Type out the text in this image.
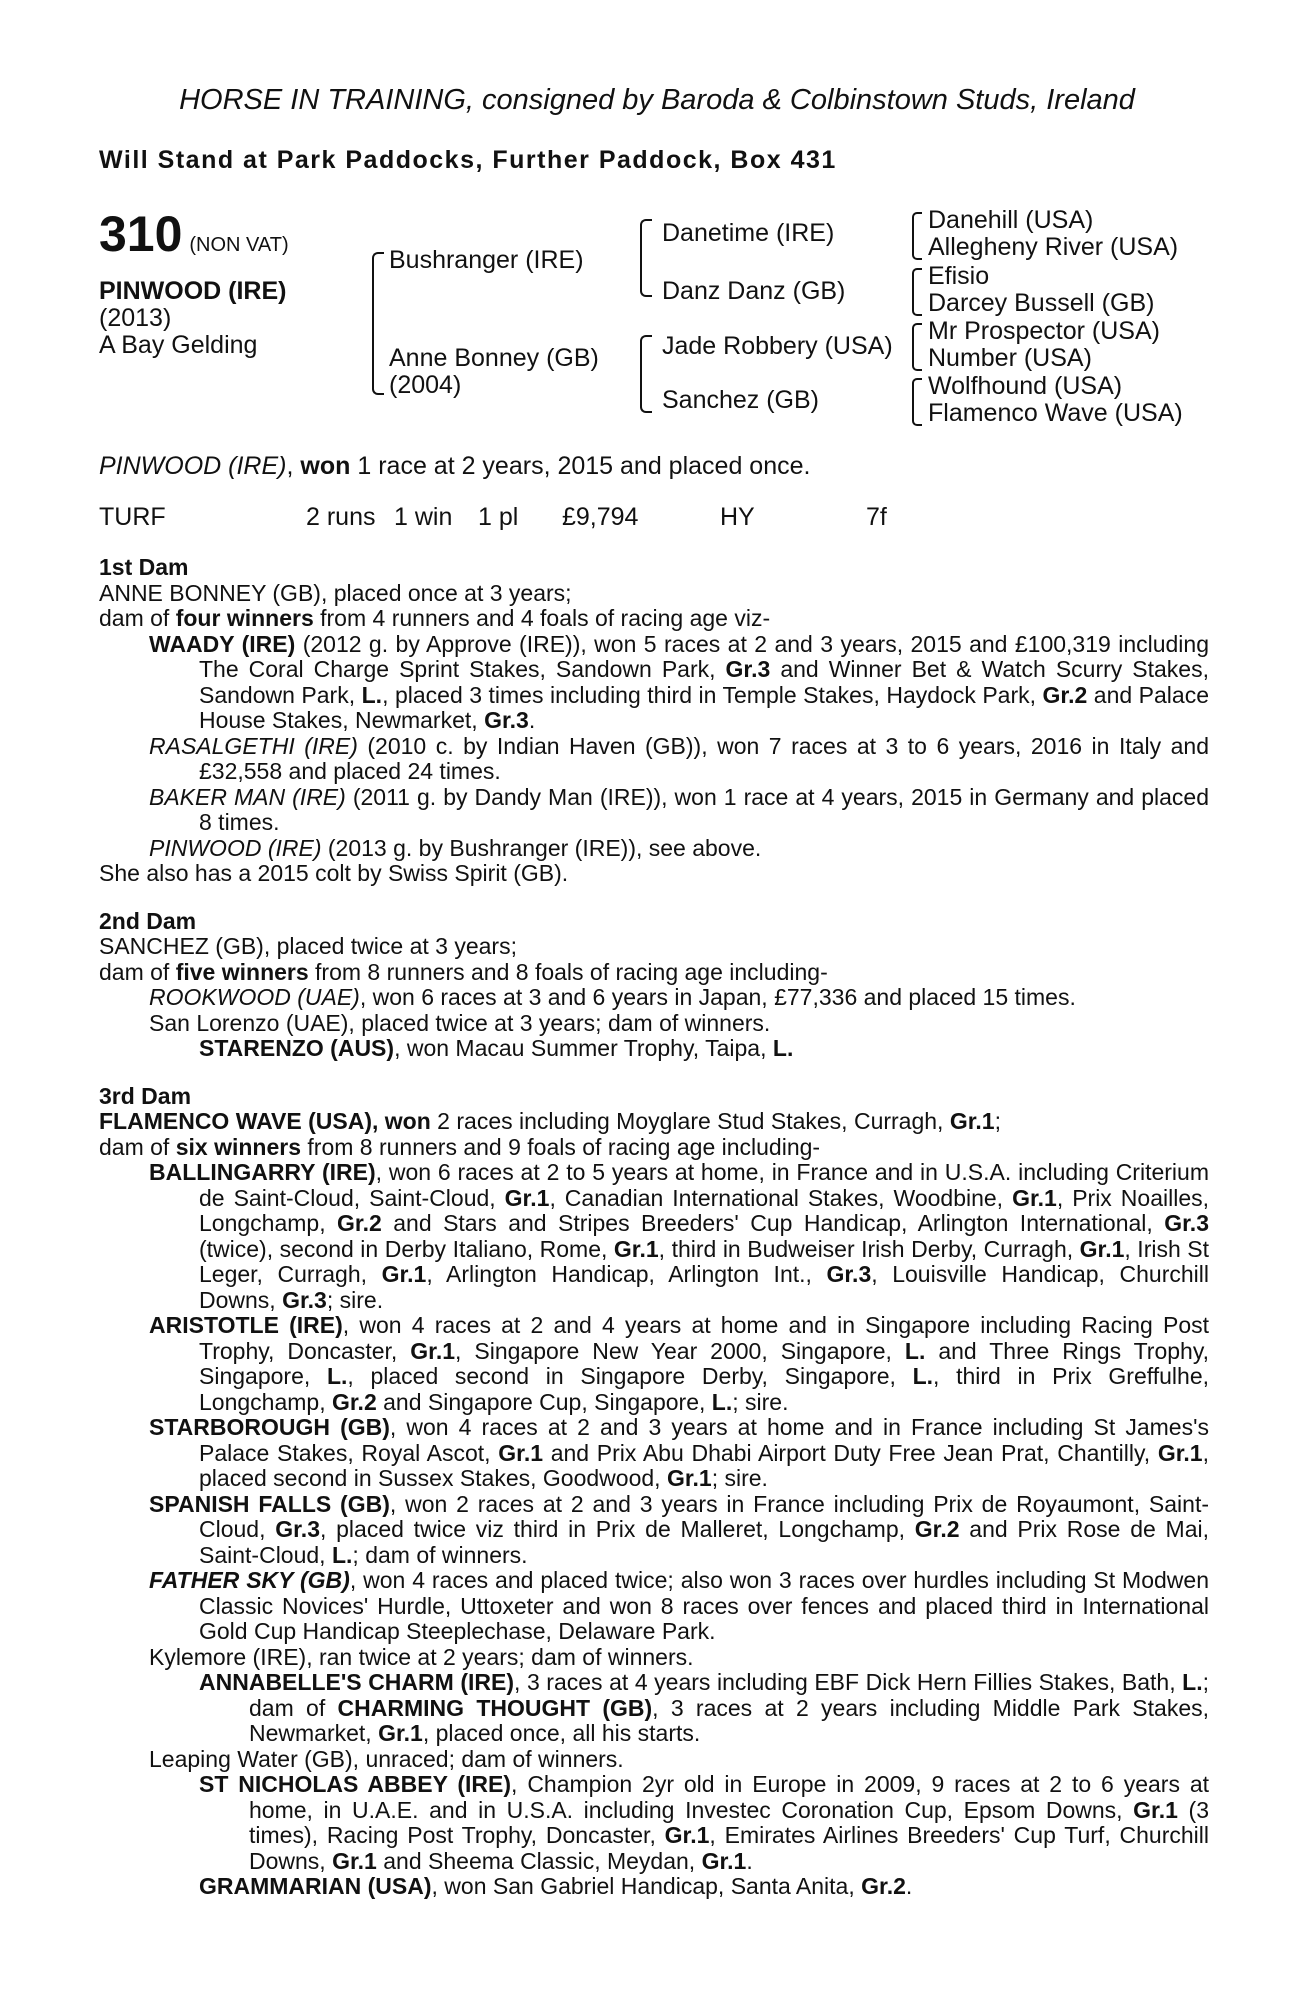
HORSE IN TRAINING, consigned by Baroda & Colbinstown Studs, Ireland
Will Stand at Park Paddocks, Further Paddock, Box 431
310 (NON VAT)
PINWOOD (IRE)
(2013)
A Bay Gelding
Bushranger (IRE)
Anne Bonney (GB)
(2004)
Danetime (IRE)
Danz Danz (GB)
Jade Robbery (USA)
Sanchez (GB)
Danehill (USA)
Allegheny River (USA)
Efisio
Darcey Bussell (GB)
Mr Prospector (USA)
Number (USA)
Wolfhound (USA)
Flamenco Wave (USA)
PINWOOD (IRE), won 1 race at 2 years, 2015 and placed once.
TURF	2 runs 1 win 1 pl £9,794	HY	7f

1st Dam

ANNE BONNEY (GB), placed once at 3 years;

dam of four winners from 4 runners and 4 foals of racing age viz-

WAADY (IRE) (2012 g. by Approve (IRE)), won 5 races at 2 and 3 years, 2015 and £100,319 including The Coral Charge Sprint Stakes, Sandown Park, Gr.3 and Winner Bet & Watch Scurry Stakes, Sandown Park, L., placed 3 times including third in Temple Stakes, Haydock Park, Gr.2 and Palace House Stakes, Newmarket, Gr.3.

RASALGETHI (IRE) (2010 c. by Indian Haven (GB)), won 7 races at 3 to 6 years, 2016 in Italy and £32,558 and placed 24 times.

BAKER MAN (IRE) (2011 g. by Dandy Man (IRE)), won 1 race at 4 years, 2015 in Germany and placed 8 times.

PINWOOD (IRE) (2013 g. by Bushranger (IRE)), see above.

She also has a 2015 colt by Swiss Spirit (GB).

2nd Dam

SANCHEZ (GB), placed twice at 3 years;

dam of five winners from 8 runners and 8 foals of racing age including-

ROOKWOOD (UAE), won 6 races at 3 and 6 years in Japan, £77,336 and placed 15 times.

San Lorenzo (UAE), placed twice at 3 years; dam of winners.

STARENZO (AUS), won Macau Summer Trophy, Taipa, L.

3rd Dam

FLAMENCO WAVE (USA), won 2 races including Moyglare Stud Stakes, Curragh, Gr.1;

dam of six winners from 8 runners and 9 foals of racing age including-

BALLINGARRY (IRE), won 6 races at 2 to 5 years at home, in France and in U.S.A. including Criterium de Saint-Cloud, Saint-Cloud, Gr.1, Canadian International Stakes, Woodbine, Gr.1, Prix Noailles, Longchamp, Gr.2 and Stars and Stripes Breeders' Cup Handicap, Arlington International, Gr.3 (twice), second in Derby Italiano, Rome, Gr.1, third in Budweiser Irish Derby, Curragh, Gr.1, Irish St Leger, Curragh, Gr.1, Arlington Handicap, Arlington Int., Gr.3, Louisville Handicap, Churchill Downs, Gr.3; sire.

ARISTOTLE (IRE), won 4 races at 2 and 4 years at home and in Singapore including Racing Post Trophy, Doncaster, Gr.1, Singapore New Year 2000, Singapore, L. and Three Rings Trophy, Singapore, L., placed second in Singapore Derby, Singapore, L., third in Prix Greffulhe, Longchamp, Gr.2 and Singapore Cup, Singapore, L.; sire.

STARBOROUGH (GB), won 4 races at 2 and 3 years at home and in France including St James's Palace Stakes, Royal Ascot, Gr.1 and Prix Abu Dhabi Airport Duty Free Jean Prat, Chantilly, Gr.1, placed second in Sussex Stakes, Goodwood, Gr.1; sire.

SPANISH FALLS (GB), won 2 races at 2 and 3 years in France including Prix de Royaumont, Saint-Cloud, Gr.3, placed twice viz third in Prix de Malleret, Longchamp, Gr.2 and Prix Rose de Mai, Saint-Cloud, L.; dam of winners.

FATHER SKY (GB), won 4 races and placed twice; also won 3 races over hurdles including St Modwen Classic Novices' Hurdle, Uttoxeter and won 8 races over fences and placed third in International Gold Cup Handicap Steeplechase, Delaware Park.

Kylemore (IRE), ran twice at 2 years; dam of winners.

ANNABELLE'S CHARM (IRE), 3 races at 4 years including EBF Dick Hern Fillies Stakes, Bath, L.; dam of CHARMING THOUGHT (GB), 3 races at 2 years including Middle Park Stakes, Newmarket, Gr.1, placed once, all his starts.

Leaping Water (GB), unraced; dam of winners.

ST NICHOLAS ABBEY (IRE), Champion 2yr old in Europe in 2009, 9 races at 2 to 6 years at home, in U.A.E. and in U.S.A. including Investec Coronation Cup, Epsom Downs, Gr.1 (3 times), Racing Post Trophy, Doncaster, Gr.1, Emirates Airlines Breeders' Cup Turf, Churchill Downs, Gr.1 and Sheema Classic, Meydan, Gr.1.

GRAMMARIAN (USA), won San Gabriel Handicap, Santa Anita, Gr.2.
